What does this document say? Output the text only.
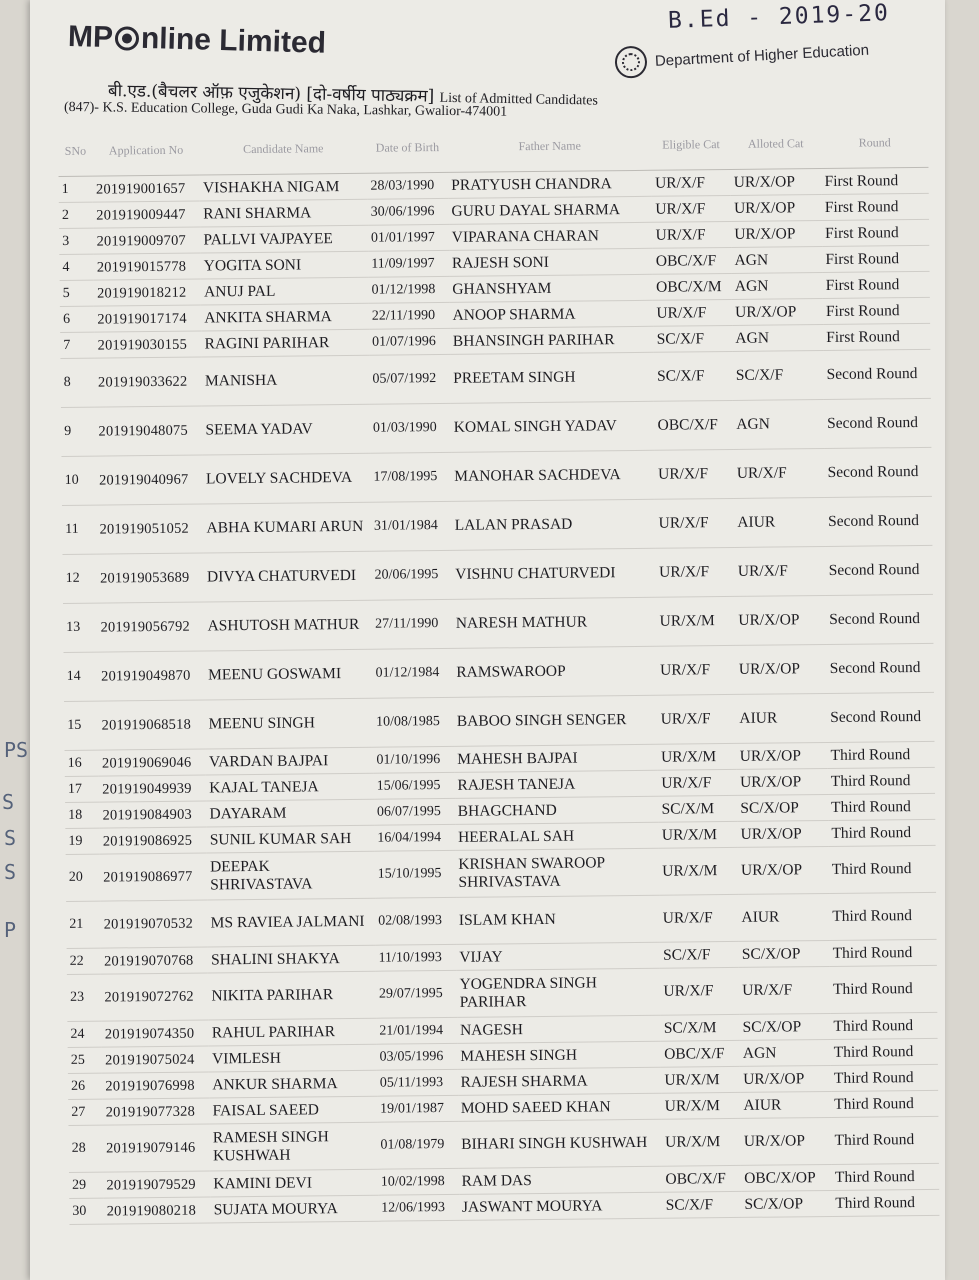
B.Ed - 2019-20
MP nline Limited	Department of Higher Education
बी.एड.(बैचलर ऑफ़ एजुकेशन) [दो-वर्षीय पाठ्यक्रम] List of Admitted Candidates
(847)- K.S. Education College, Guda Gudi Ka Naka, Lashkar, Gwalior-474001
SNo	Application No	Candidate Name	Date of Birth	Father Name	Eligible Cat	Alloted Cat	Round
1	201919001657	VISHAKHA NIGAM	28/03/1990	PRATYUSH CHANDRA	UR/X/F	UR/X/OP	First Round
2	201919009447	RANI SHARMA	30/06/1996	GURU DAYAL SHARMA	UR/X/F	UR/X/OP	First Round
3	201919009707	PALLVI VAJPAYEE	01/01/1997	VIPARANA CHARAN	UR/X/F	UR/X/OP	First Round
4	201919015778	YOGITA SONI	11/09/1997	RAJESH SONI	OBC/X/F	AGN	First Round
5	201919018212	ANUJ PAL	01/12/1998	GHANSHYAM	OBC/X/M	AGN	First Round
6	201919017174	ANKITA SHARMA	22/11/1990	ANOOP SHARMA	UR/X/F	UR/X/OP	First Round
7	201919030155	RAGINI PARIHAR	01/07/1996	BHANSINGH PARIHAR	SC/X/F	AGN	First Round
8	201919033622	MANISHA	05/07/1992	PREETAM SINGH	SC/X/F	SC/X/F	Second Round
9	201919048075	SEEMA YADAV	01/03/1990	KOMAL SINGH YADAV	OBC/X/F	AGN	Second Round
10	201919040967	LOVELY SACHDEVA	17/08/1995	MANOHAR SACHDEVA	UR/X/F	UR/X/F	Second Round
11	201919051052	ABHA KUMARI ARUN	31/01/1984	LALAN PRASAD	UR/X/F	AIUR	Second Round
12	201919053689	DIVYA CHATURVEDI	20/06/1995	VISHNU CHATURVEDI	UR/X/F	UR/X/F	Second Round
13	201919056792	ASHUTOSH MATHUR	27/11/1990	NARESH MATHUR	UR/X/M	UR/X/OP	Second Round
14	201919049870	MEENU GOSWAMI	01/12/1984	RAMSWAROOP	UR/X/F	UR/X/OP	Second Round
15	201919068518	MEENU SINGH	10/08/1985	BABOO SINGH SENGER	UR/X/F	AIUR	Second Round
16	201919069046	VARDAN BAJPAI	01/10/1996	MAHESH BAJPAI	UR/X/M	UR/X/OP	Third Round
17	201919049939	KAJAL TANEJA	15/06/1995	RAJESH TANEJA	UR/X/F	UR/X/OP	Third Round
18	201919084903	DAYARAM	06/07/1995	BHAGCHAND	SC/X/M	SC/X/OP	Third Round
19	201919086925	SUNIL KUMAR SAH	16/04/1994	HEERALAL SAH	UR/X/M	UR/X/OP	Third Round
20	201919086977	DEEPAK SHRIVASTAVA	15/10/1995	KRISHAN SWAROOP SHRIVASTAVA	UR/X/M	UR/X/OP	Third Round
21	201919070532	MS RAVIEA JALMANI	02/08/1993	ISLAM KHAN	UR/X/F	AIUR	Third Round
22	201919070768	SHALINI SHAKYA	11/10/1993	VIJAY	SC/X/F	SC/X/OP	Third Round
23	201919072762	NIKITA PARIHAR	29/07/1995	YOGENDRA SINGH PARIHAR	UR/X/F	UR/X/F	Third Round
24	201919074350	RAHUL PARIHAR	21/01/1994	NAGESH	SC/X/M	SC/X/OP	Third Round
25	201919075024	VIMLESH	03/05/1996	MAHESH SINGH	OBC/X/F	AGN	Third Round
26	201919076998	ANKUR SHARMA	05/11/1993	RAJESH SHARMA	UR/X/M	UR/X/OP	Third Round
27	201919077328	FAISAL SAEED	19/01/1987	MOHD SAEED KHAN	UR/X/M	AIUR	Third Round
28	201919079146	RAMESH SINGH KUSHWAH	01/08/1979	BIHARI SINGH KUSHWAH	UR/X/M	UR/X/OP	Third Round
29	201919079529	KAMINI DEVI	10/02/1998	RAM DAS	OBC/X/F	OBC/X/OP	Third Round
30	201919080218	SUJATA MOURYA	12/06/1993	JASWANT MOURYA	SC/X/F	SC/X/OP	Third Round
PS
S
S
S
P
